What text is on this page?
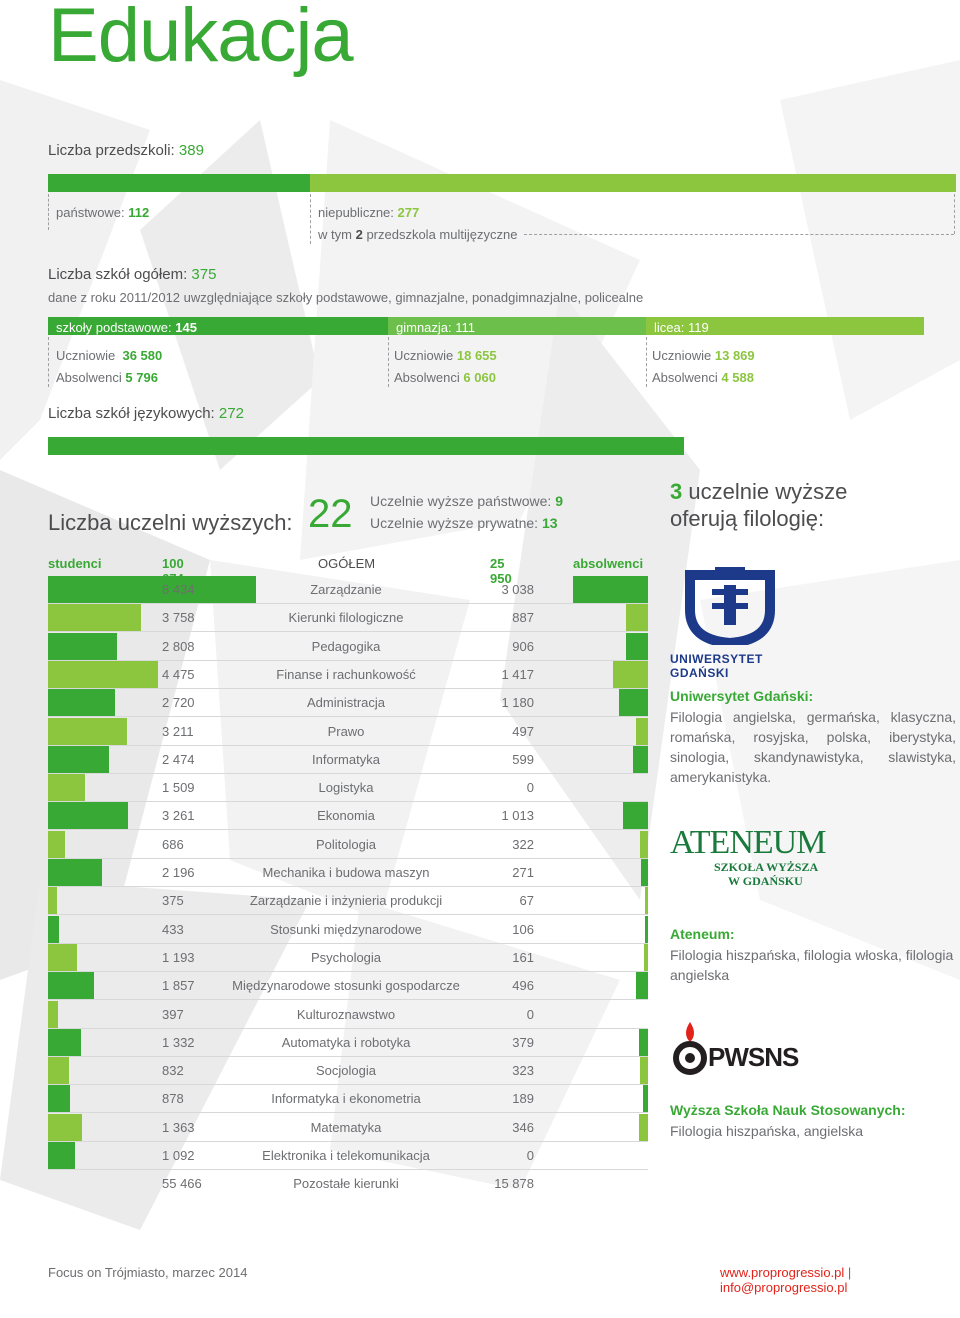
Edukacja
Liczba przedszkoli: 389
państwowe: 112	niepubliczne: 277
w tym 2 przedszkola multijęzyczne
Liczba szkół ogółem: 375
dane z roku 2011/2012 uwzględniające szkoły podstawowe, gimnazjalne, ponadgimnazjalne, policealne
szkoły podstawowe: 145	gimnazja: 111	licea: 119
Uczniowie 36 580
Absolwenci 5 796
Uczniowie 18 655
Absolwenci 6 060
Uczniowie 13 869
Absolwenci 4 588
Liczba szkół językowych: 272
Liczba uczelni wyższych: 22 Uczelnie wyższe państwowe: 9
Uczelnie wyższe prywatne: 13
studenci	100	OGÓŁEM	25 950
absolwenci
8 434	Zarządzanie	3 038
3 758	Kierunki filologiczne	887
2 808	Pedagogika	906
4 475	Finanse i rachunkowość	1 417
2 720	Administracja	1 180
3 211	Prawo	497
2 474	Informatyka	599
1 509	Logistyka	0
3 261	Ekonomia	1 013
686	Politologia	322
2 196	Mechanika i budowa maszyn	271
375	Zarządzanie i inżynieria produkcji	67
433	Stosunki międzynarodowe	106
1 193	Psychologia	161
1 857	Międzynarodowe stosunki gospodarcze	496
397	Kulturoznawstwo	0
1 332	Automatyka i robotyka	379
832	Socjologia	323
878	Informatyka i ekonometria	189
1 363	Matematyka	346
1 092	Elektronika i telekomunikacja	0
55 466	Pozostałe kierunki	15 878
3 uczelnie wyższe
oferują filologię:
UNIWERSYTET GDAŃSKI
Uniwersytet Gdański:
Filologia angielska, germańska, klasyczna, romańska, rosyjska, polska, iberystyka, sinologia, skandynawistyka, slawistyka, amerykanistyka.
ATENEUM
SZKOŁA WYŻSZA
W GDAŃSKU
Ateneum:
Filologia hiszpańska, filologia włoska, filologia angielska
PWSNS
Wyższa Szkoła Nauk Stosowanych:
Filologia hiszpańska, angielska
Focus on Trójmiasto, marzec 2014	www.proprogressio.pl | info@proprogressio.pl
